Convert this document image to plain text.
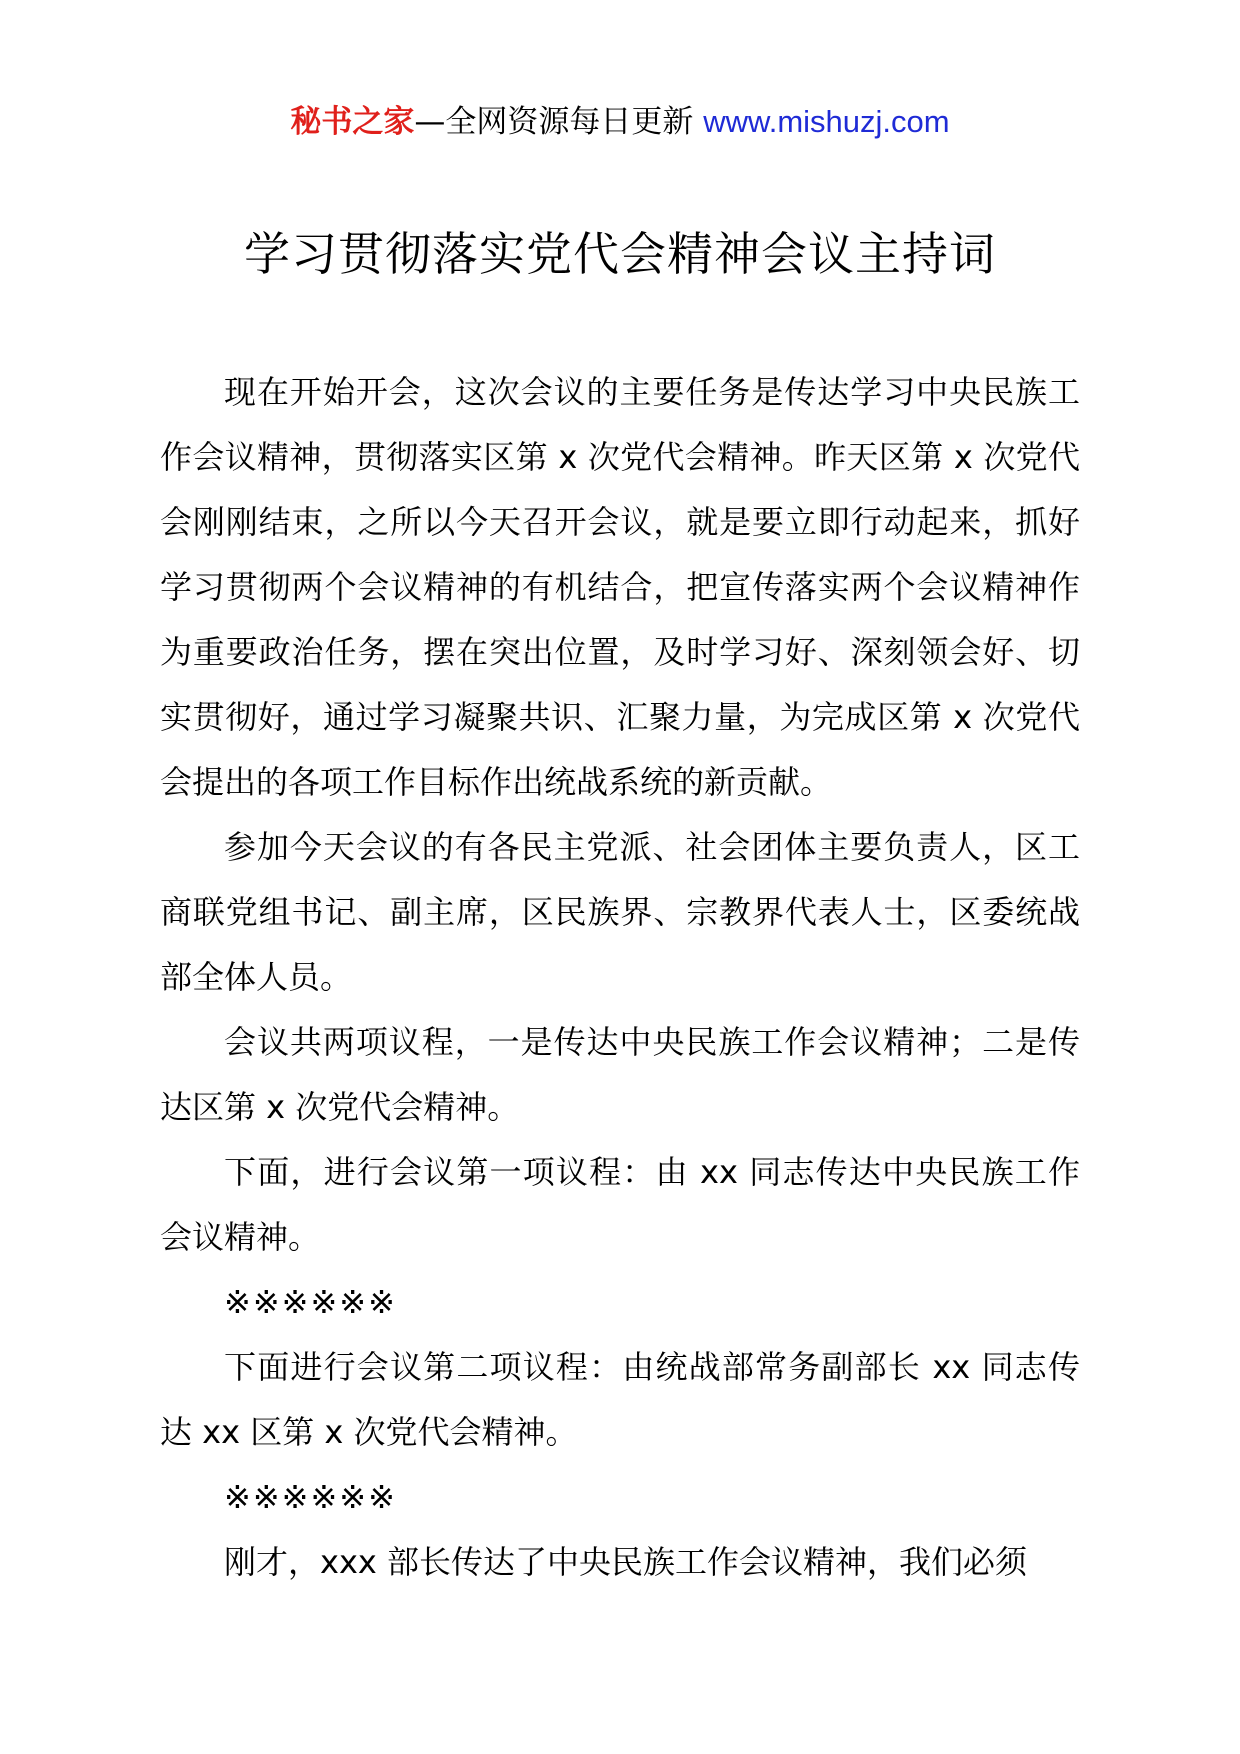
秘书之家—全网资源每日更新 www.mishuzj.com
学习贯彻落实党代会精神会议主持词

现在开始开会，这次会议的主要任务是传达学习中央民族工作会议精神，贯彻落实区第 x 次党代会精神。昨天区第 x 次党代会刚刚结束，之所以今天召开会议，就是要立即行动起来，抓好学习贯彻两个会议精神的有机结合，把宣传落实两个会议精神作为重要政治任务，摆在突出位置，及时学习好、深刻领会好、切实贯彻好，通过学习凝聚共识、汇聚力量，为完成区第 x 次党代会提出的各项工作目标作出统战系统的新贡献。

参加今天会议的有各民主党派、社会团体主要负责人，区工商联党组书记、副主席，区民族界、宗教界代表人士，区委统战部全体人员。

会议共两项议程，一是传达中央民族工作会议精神；二是传达区第 x 次党代会精神。

下面，进行会议第一项议程：由 xx 同志传达中央民族工作会议精神。

※※※※※※

下面进行会议第二项议程：由统战部常务副部长 xx 同志传达 xx 区第 x 次党代会精神。

※※※※※※

刚才，xxx 部长传达了中央民族工作会议精神，我们必须
